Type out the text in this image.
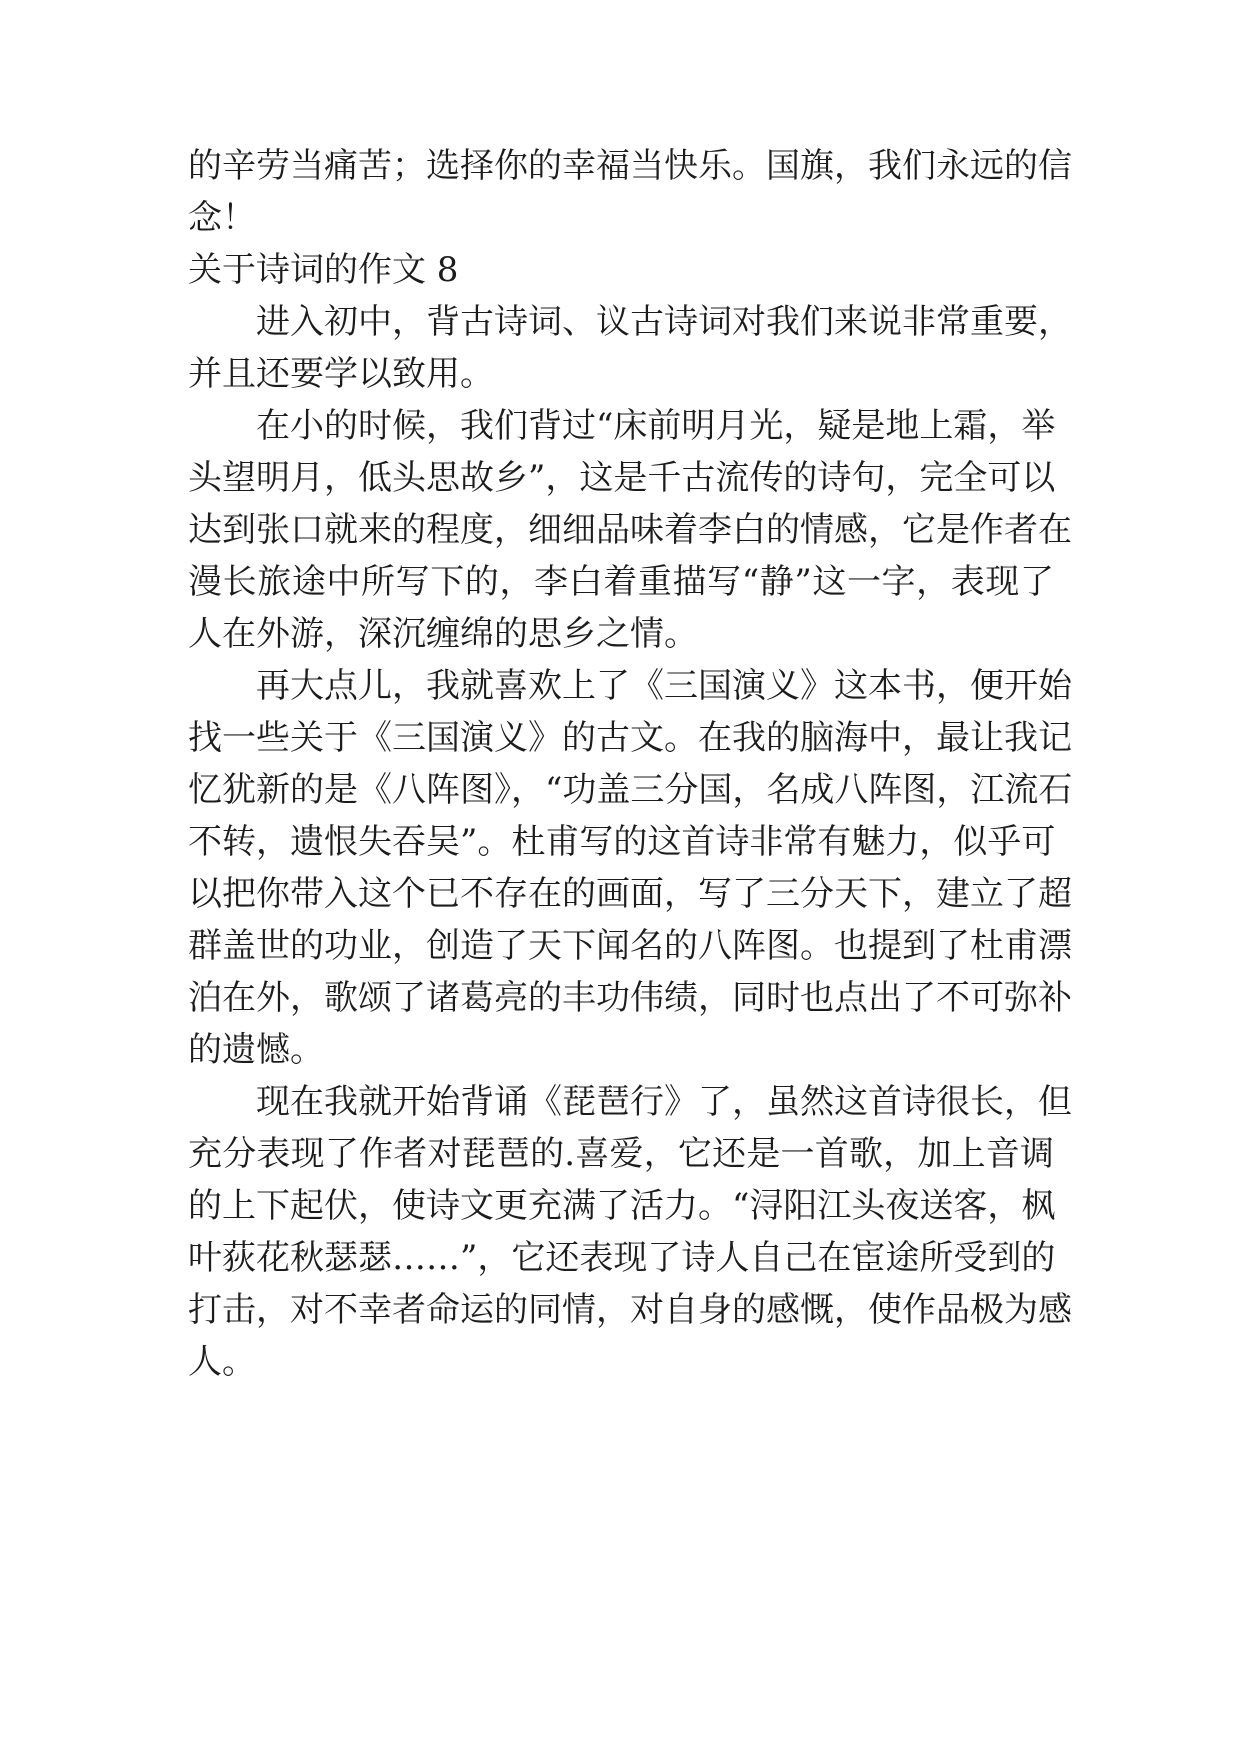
的辛劳当痛苦；选择你的幸福当快乐。国旗，我们永远的信

念！

关于诗词的作文 8

进入初中，背古诗词、议古诗词对我们来说非常重要，

并且还要学以致用。

在小的时候，我们背过“床前明月光，疑是地上霜，举

头望明月，低头思故乡”，这是千古流传的诗句，完全可以

达到张口就来的程度，细细品味着李白的情感，它是作者在

漫长旅途中所写下的，李白着重描写“静”这一字，表现了

人在外游，深沉缠绵的思乡之情。

再大点儿，我就喜欢上了《三国演义》这本书，便开始

找一些关于《三国演义》的古文。在我的脑海中，最让我记

忆犹新的是《八阵图》，“功盖三分国，名成八阵图，江流石

不转，遗恨失吞吴”。杜甫写的这首诗非常有魅力，似乎可

以把你带入这个已不存在的画面，写了三分天下，建立了超

群盖世的功业，创造了天下闻名的八阵图。也提到了杜甫漂

泊在外，歌颂了诸葛亮的丰功伟绩，同时也点出了不可弥补

的遗憾。

现在我就开始背诵《琵琶行》了，虽然这首诗很长，但

充分表现了作者对琵琶的.喜爱，它还是一首歌，加上音调

的上下起伏，使诗文更充满了活力。“浔阳江头夜送客，枫

叶荻花秋瑟瑟……”，它还表现了诗人自己在宦途所受到的

打击，对不幸者命运的同情，对自身的感慨，使作品极为感

人。
